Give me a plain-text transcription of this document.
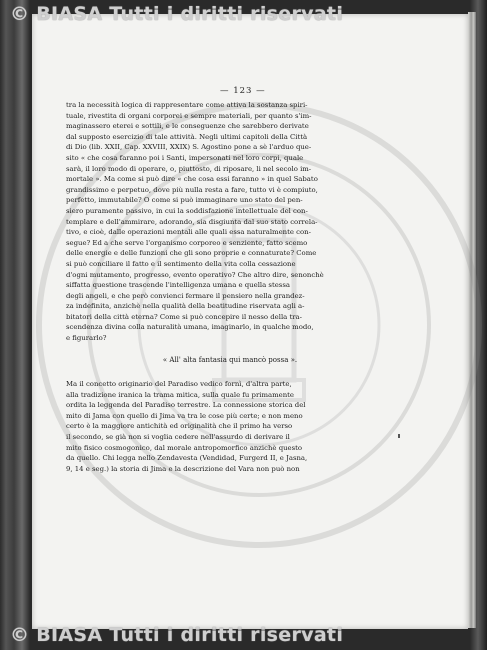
© BIASA Tutti i diritti riservati
— 123 —

tra la necessità logica di rappresentare come attiva la sostanza spiri-

tuale, rivestita di organi corporei e sempre materiali, per quanto s'im-

maginassero eterei e sottili, e le conseguenze che sarebbero derivate

dal supposto esercizio di tale attività. Negli ultimi capitoli della Città

di Dio (lib. XXII, Cap. XXVIII, XXIX) S. Agostino pone a sè l'arduo que-

sito « che cosa faranno poi i Santi, impersonati nel loro corpi, quale

sarà, il loro modo di operare, o, piuttosto, di riposare, li nel secolo im-

mortale ». Ma come si può dire « che cosa essi faranno » in quel Sabato

grandissimo e perpetuo, dove più nulla resta a fare, tutto vi è compiuto,

perfetto, immutabile? O come si può immaginare uno stato del pen-

siero puramente passivo, in cui la soddisfazione intellettuale del con-

templare e dell'ammirare, adorando, sia disgiunta dal suo stato correla-

tivo, e cioè, dalle operazioni mentali alle quali essa naturalmente con-

segue? Ed a che serve l'organismo corporeo e senziente, fatto scemo

delle energie e delle funzioni che gli sono proprie e connaturate? Come

si può conciliare il fatto e il sentimento della vita colla cessazione

d'ogni mutamento, progresso, evento operativo? Che altro dire, senonchè

siffatta questione trascende l'intelligenza umana e quella stessa

degli angeli, e che però convienci fermare il pensiero nella grandez-

za indefinita, anzichè nella qualità della beatitudine riservata agli a-

bitatori della città eterna? Come si può concepire il nesso della tra-

scendenza divina colla naturalità umana, imaginarlo, in qualche modo,

e figurarlo?

« All' alta fantasia qui mancò possa ».

Ma il concetto originario del Paradiso vedico fornì, d'altra parte,

alla tradizione iranica la trama mitica, sulla quale fu primamente

ordita la leggenda del Paradiso terrestre. La connessione storica del

mito di Jama con quello di Jima va tra le cose più certe; e non meno

certo è la maggiore antichità ed originalità che il primo ha verso

il secondo, se già non si voglia cedere nell'assurdo di derivare il

mito fisico cosmogonico, dal morale antropomorfico anzichè questo

da quello. Chi legga nello Zendavesta (Vendidad, Furgerd II, e Jasna,

9, 14 e seg.) la storia di Jima e la descrizione del Vara non può non

© BIASA Tutti i diritti riservati
